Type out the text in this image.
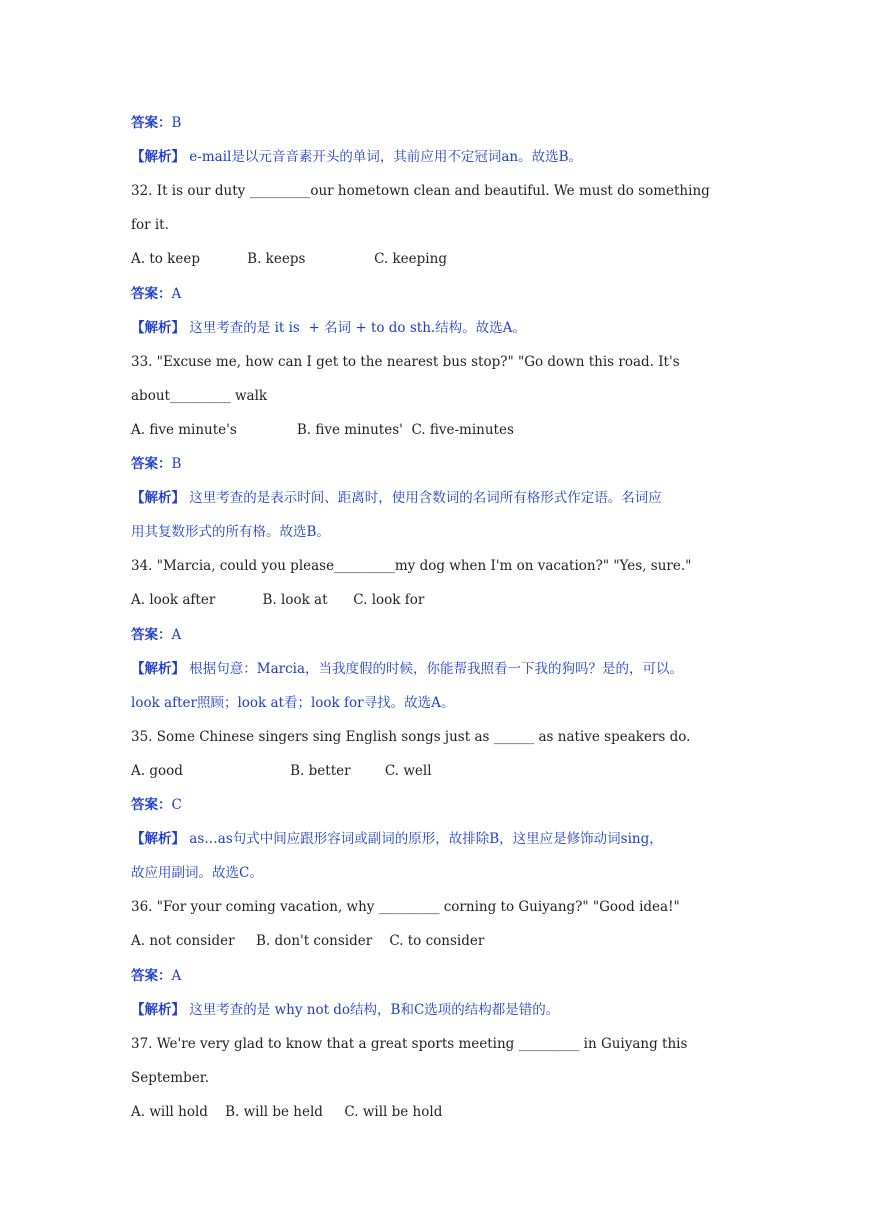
答案：B
【解析】 e-mail是以元音音素开头的单词，其前应用不定冠词an。故选B。
32. It is our duty _________our hometown clean and beautiful. We must do something
for it.
A. to keep           B. keeps                C. keeping
答案：A
【解析】 这里考查的是 it is  + 名词 + to do sth.结构。故选A。
33. "Excuse me, how can I get to the nearest bus stop?" "Go down this road. It's
about_________ walk
A. five minute's              B. five minutes'  C. five-minutes
答案：B
【解析】 这里考查的是表示时间、距离时，使用含数词的名词所有格形式作定语。名词应
用其复数形式的所有格。故选B。
34. "Marcia, could you please_________my dog when I'm on vacation?" "Yes, sure."
A. look after           B. look at      C. look for
答案：A
【解析】 根据句意：Marcia，当我度假的时候，你能帮我照看一下我的狗吗？是的，可以。
look after照顾；look at看；look for寻找。故选A。
35. Some Chinese singers sing English songs just as ______ as native speakers do.
A. good                         B. better        C. well
答案：C
【解析】 as…as句式中间应跟形容词或副词的原形，故排除B，这里应是修饰动词sing，
故应用副词。故选C。
36. "For your coming vacation, why _________ corning to Guiyang?" "Good idea!"
A. not consider     B. don't consider    C. to consider
答案：A
【解析】 这里考查的是 why not do结构，B和C选项的结构都是错的。
37. We're very glad to know that a great sports meeting _________ in Guiyang this
September.
A. will hold    B. will be held     C. will be hold
